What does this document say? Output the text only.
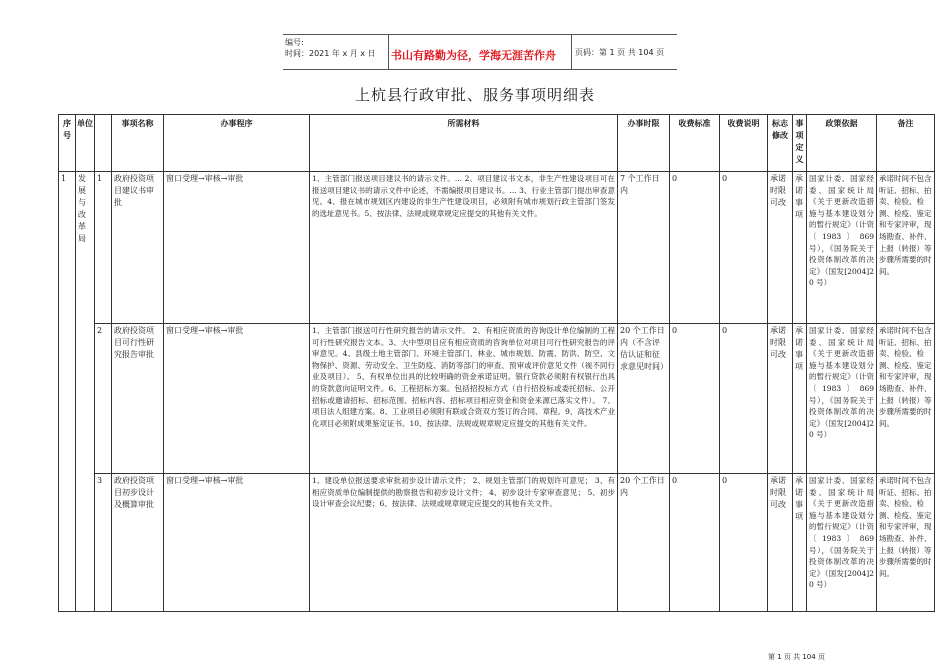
编号:
时间：2021 年 x 月 x 日 书山有路勤为径，学海无涯苦作舟 页码：第 1 页 共 104 页
上杭县行政审批、服务事项明细表
序号	单位		事项名称	办事程序	所需材料	办事时限	收费标准	收费说明	标志修改	事项定义	政策依据	备注
1	发展与改革局	1	政府投资项目建议书审批	窗口受理→审核→审批	1、主管部门报送项目建议书的请示文件。... 2、项目建议书文本，非生产性建设项目可在报送项目建议书的请示文件中论述，不需编报项目建议书。... 3、行业主管部门提出审查意见。4、报在城市规划区内建设的非生产性建设项目，必须附有城市规划行政主管部门签发的选址意见书。5、按法律、法规或规章规定应提交的其他有关文件。	7 个工作日内	0	0	承诺时限可改	承诺事项	国家计委、国家经委、国家统计局《关于更新改造措施与基本建设划分的暂行规定》（计资〔1983〕869 号），《国务院关于投资体制改革的决定》（国发[2004]20 号）	承诺时间不包含听证、招标、拍卖、检验、检测、检疫、鉴定和专家评审，现场勘查、补件、上报（转报）等步骤所需要的时间。
		2	政府投资项目可行性研究报告审批	窗口受理→审核→审批	1、主管部门报送可行性研究报告的请示文件。 2、有相应资质的咨询设计单位编制的工程可行性研究报告文本。3、大中型项目应有相应资质的咨询单位对项目可行性研究报告的评审意见。4、县级土地主管部门、环境主管部门、林业、城市规划、防震、防洪、防空、文物保护、资源、劳动安全、卫生防疫、消防等部门的审查、预审或评价意见文件（视不同行业及项目）。 5、有权单位出具的比较明确的资金承诺证明。银行贷款必须附有权银行出具的贷款意向证明文件。6、工程招标方案。包括招投标方式（自行招投标或委托招标、公开招标或邀请招标、招标范围、招标内容、招标项目相应资金和资金来源已落实文件）。 7、项目法人组建方案。8、工业项目必须附有联或合资双方签订的合同、章程。9、高技术产业化项目必须附成果鉴定证书。10、按法律、法规或规章规定应提交的其他有关文件。	20 个工作日内（不含评估认证和征求意见时间）	0	0	承诺时限可改	承诺事项	国家计委、国家经委、国家统计局《关于更新改造措施与基本建设划分的暂行规定》（计资〔1983〕869 号），《国务院关于投资体制改革的决定》（国发[2004]20 号）	承诺时间不包含听证、招标、拍卖、检验、检测、检疫、鉴定和专家评审，现场勘查、补件、上报（转报）等步骤所需要的时间。
		3	政府投资项目初步设计及概算审批	窗口受理→审核→审批	1、建设单位报送要求审批初步设计请示文件； 2、规划主管部门的规划许可意见； 3、有相应资质单位编制提供的勘察报告和初步设计文件； 4、初步设计专家审查意见； 5、初步设计审查会议纪要；6、按法律、法规或规章规定应提交的其他有关文件。	20 个工作日内	0	0	承诺时限可改	承诺事项	国家计委、国家经委、国家统计局《关于更新改造措施与基本建设划分的暂行规定》（计资〔1983〕869 号），《国务院关于投资体制改革的决定》（国发[2004]20 号）	承诺时间不包含听证、招标、拍卖、检验、检测、检疫、鉴定和专家评审，现场勘查、补件、上报（转报）等步骤所需要的时间。
第 1 页 共 104 页
